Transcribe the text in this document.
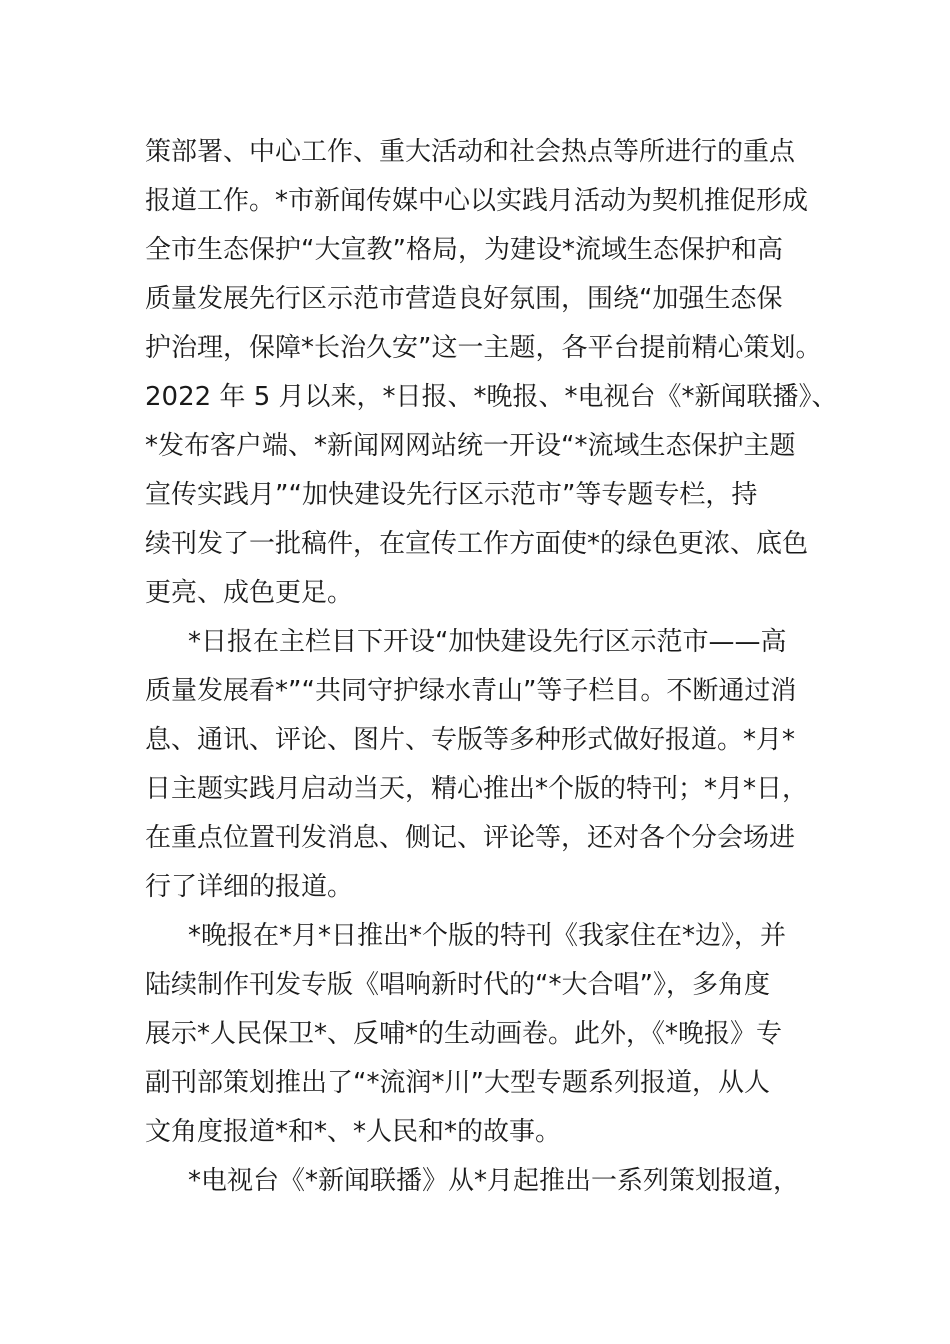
策部署、中心工作、重大活动和社会热点等所进行的重点
报道工作。*市新闻传媒中心以实践月活动为契机推促形成
全市生态保护“大宣教”格局，为建设*流域生态保护和高
质量发展先行区示范市营造良好氛围，围绕“加强生态保
护治理，保障*长治久安”这一主题，各平台提前精心策划。
2022 年 5 月以来，*日报、*晚报、*电视台《*新闻联播》、
*发布客户端、*新闻网网站统一开设“*流域生态保护主题
宣传实践月”“加快建设先行区示范市”等专题专栏，持
续刊发了一批稿件，在宣传工作方面使*的绿色更浓、底色
更亮、成色更足。
*日报在主栏目下开设“加快建设先行区示范市——高
质量发展看*”“共同守护绿水青山”等子栏目。不断通过消
息、通讯、评论、图片、专版等多种形式做好报道。*月*
日主题实践月启动当天，精心推出*个版的特刊；*月*日，
在重点位置刊发消息、侧记、评论等，还对各个分会场进
行了详细的报道。
*晚报在*月*日推出*个版的特刊《我家住在*边》，并
陆续制作刊发专版《唱响新时代的“*大合唱”》，多角度
展示*人民保卫*、反哺*的生动画卷。此外，《*晚报》专
副刊部策划推出了“*流润*川”大型专题系列报道，从人
文角度报道*和*、*人民和*的故事。
*电视台《*新闻联播》从*月起推出一系列策划报道，
